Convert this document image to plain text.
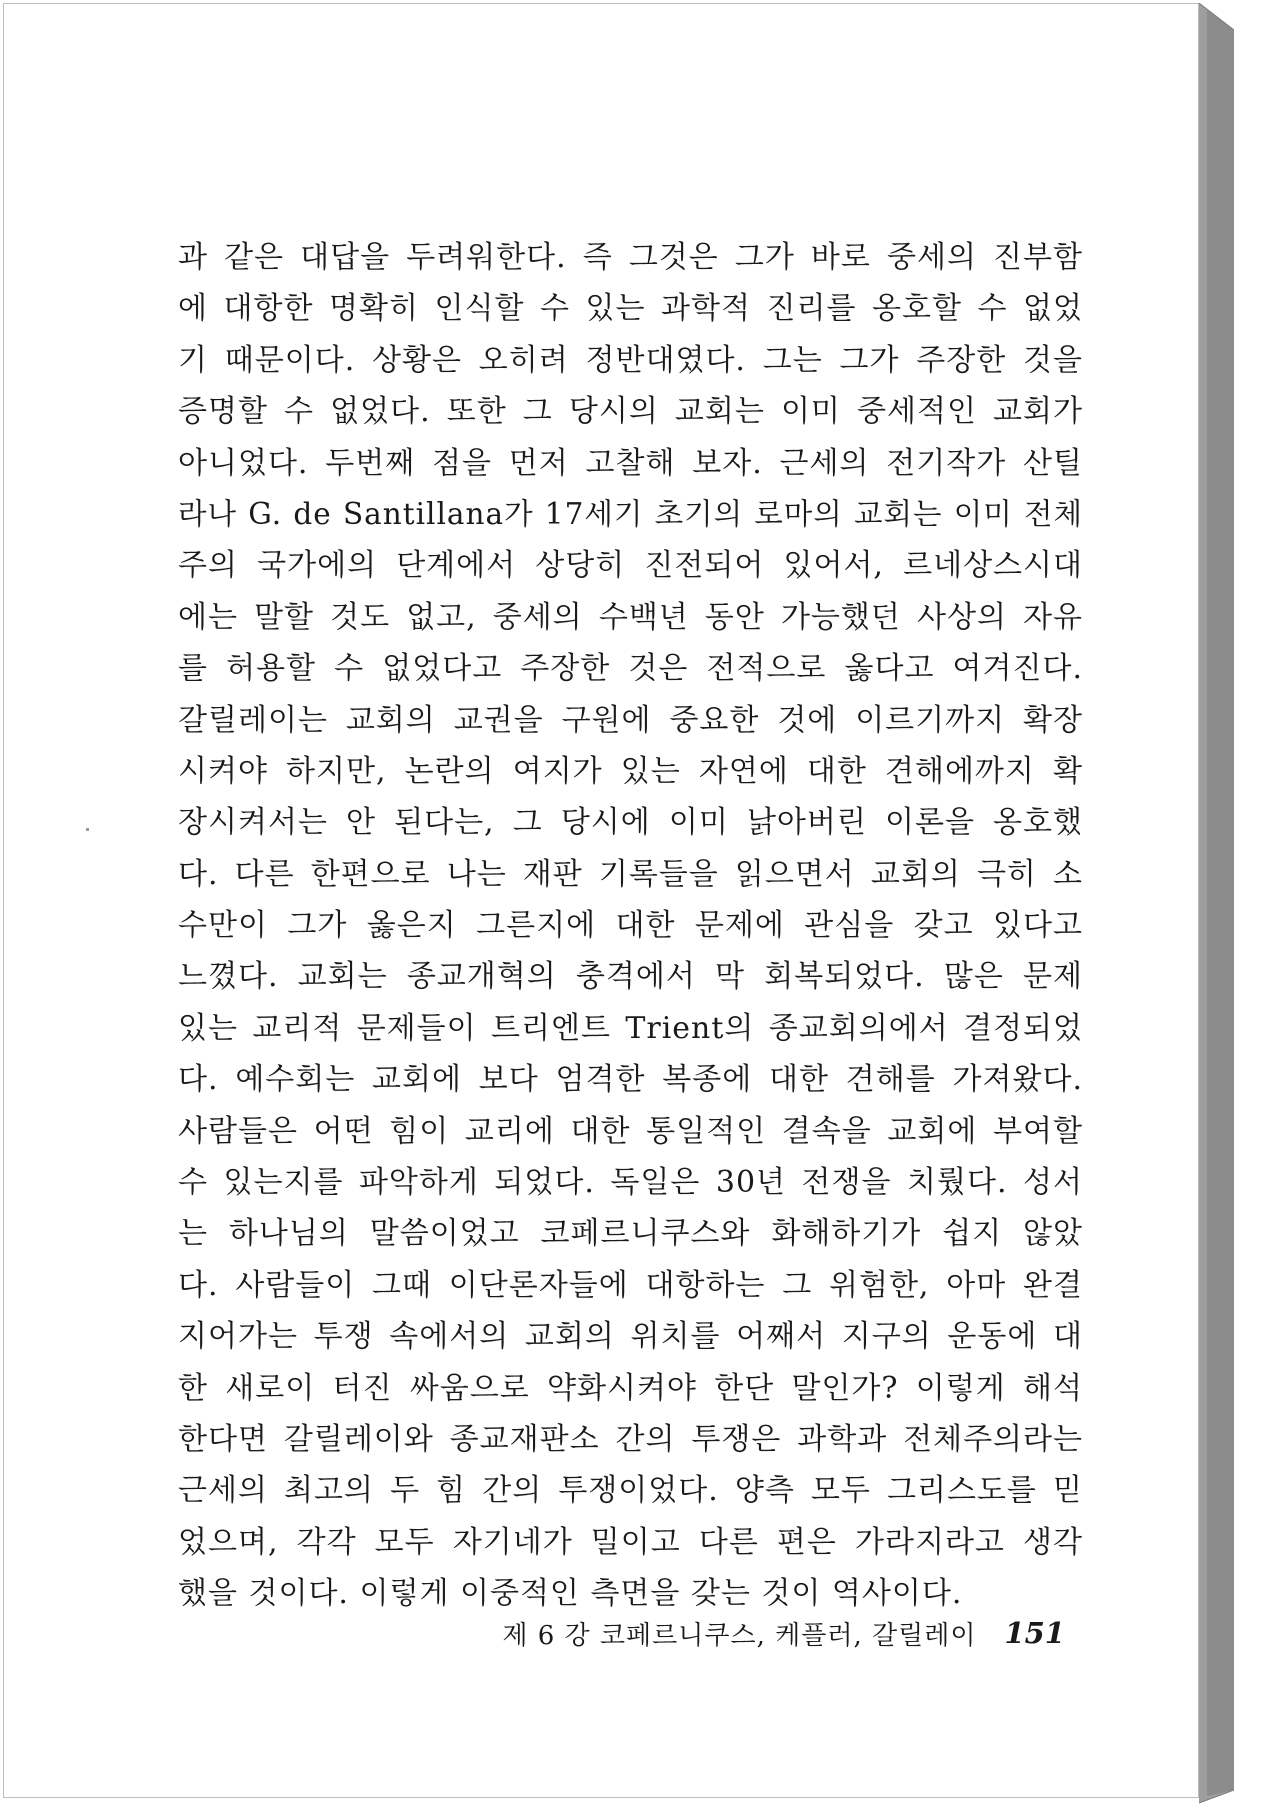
과 같은 대답을 두려워한다. 즉 그것은 그가 바로 중세의 진부함
에 대항한 명확히 인식할 수 있는 과학적 진리를 옹호할 수 없었
기 때문이다. 상황은 오히려 정반대였다. 그는 그가 주장한 것을
증명할 수 없었다. 또한 그 당시의 교회는 이미 중세적인 교회가
아니었다. 두번째 점을 먼저 고찰해 보자. 근세의 전기작가 산틸
라나 G. de Santillana가 17세기 초기의 로마의 교회는 이미 전체
주의 국가에의 단계에서 상당히 진전되어 있어서, 르네상스시대
에는 말할 것도 없고, 중세의 수백년 동안 가능했던 사상의 자유
를 허용할 수 없었다고 주장한 것은 전적으로 옳다고 여겨진다.
갈릴레이는 교회의 교권을 구원에 중요한 것에 이르기까지 확장
시켜야 하지만, 논란의 여지가 있는 자연에 대한 견해에까지 확
장시켜서는 안 된다는, 그 당시에 이미 낡아버린 이론을 옹호했
다. 다른 한편으로 나는 재판 기록들을 읽으면서 교회의 극히 소
수만이 그가 옳은지 그른지에 대한 문제에 관심을 갖고 있다고
느꼈다. 교회는 종교개혁의 충격에서 막 회복되었다. 많은 문제
있는 교리적 문제들이 트리엔트 Trient의 종교회의에서 결정되었
다. 예수회는 교회에 보다 엄격한 복종에 대한 견해를 가져왔다.
사람들은 어떤 힘이 교리에 대한 통일적인 결속을 교회에 부여할
수 있는지를 파악하게 되었다. 독일은 30년 전쟁을 치뤘다. 성서
는 하나님의 말씀이었고 코페르니쿠스와 화해하기가 쉽지 않았
다. 사람들이 그때 이단론자들에 대항하는 그 위험한, 아마 완결
지어가는 투쟁 속에서의 교회의 위치를 어째서 지구의 운동에 대
한 새로이 터진 싸움으로 약화시켜야 한단 말인가? 이렇게 해석
한다면 갈릴레이와 종교재판소 간의 투쟁은 과학과 전체주의라는
근세의 최고의 두 힘 간의 투쟁이었다. 양측 모두 그리스도를 믿
었으며, 각각 모두 자기네가 밀이고 다른 편은 가라지라고 생각
했을 것이다. 이렇게 이중적인 측면을 갖는 것이 역사이다.
제 6 강 코페르니쿠스, 케플러, 갈릴레이 151
